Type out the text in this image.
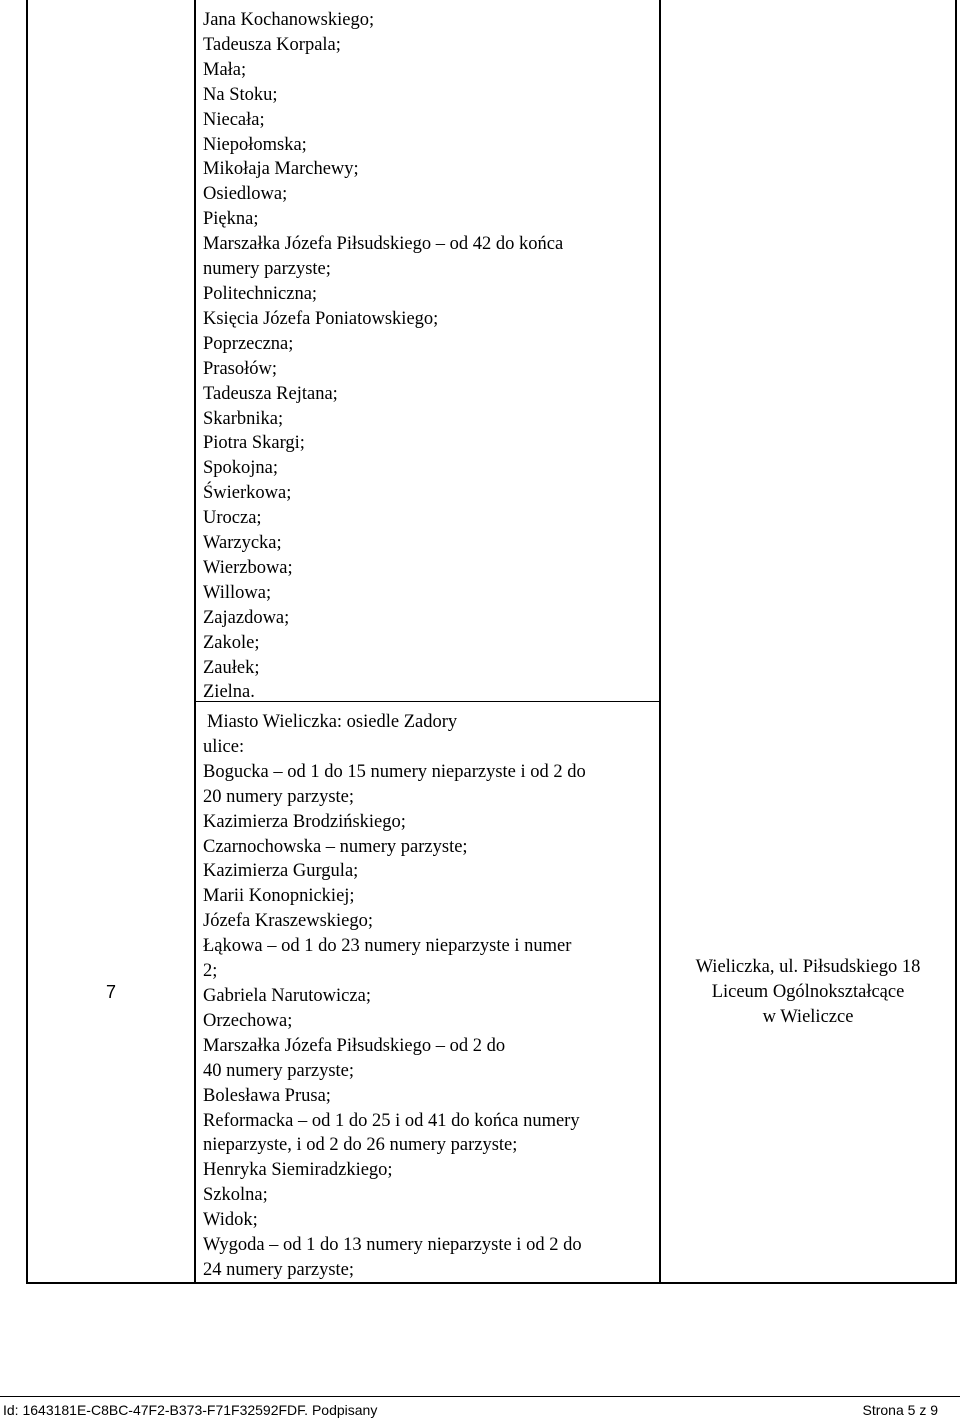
7
Jana Kochanowskiego;
Tadeusza Korpala;
Mała;
Na Stoku;
Niecała;
Niepołomska;
Mikołaja Marchewy;
Osiedlowa;
Piękna;
Marszałka Józefa Piłsudskiego – od 42 do końca
numery parzyste;
Politechniczna;
Księcia Józefa Poniatowskiego;
Poprzeczna;
Prasołów;
Tadeusza Rejtana;
Skarbnika;
Piotra Skargi;
Spokojna;
Świerkowa;
Urocza;
Warzycka;
Wierzbowa;
Willowa;
Zajazdowa;
Zakole;
Zaułek;
Zielna.
Miasto Wieliczka: osiedle Zadory
ulice:
Bogucka – od 1 do 15 numery nieparzyste i od 2 do
20 numery parzyste;
Kazimierza Brodzińskiego;
Czarnochowska – numery parzyste;
Kazimierza Gurgula;
Marii Konopnickiej;
Józefa Kraszewskiego;
Łąkowa – od 1 do 23 numery nieparzyste i numer
2;
Gabriela Narutowicza;
Orzechowa;
Marszałka Józefa Piłsudskiego – od 2 do
40 numery parzyste;
Bolesława Prusa;
Reformacka – od 1 do 25 i od 41 do końca numery
nieparzyste, i od 2 do 26 numery parzyste;
Henryka Siemiradzkiego;
Szkolna;
Widok;
Wygoda – od 1 do 13 numery nieparzyste i od 2 do
24 numery parzyste;
Wieliczka, ul. Piłsudskiego 18
Liceum Ogólnokształcące
w Wieliczce
Id: 1643181E-C8BC-47F2-B373-F71F32592FDF. Podpisany	Strona 5 z 9
